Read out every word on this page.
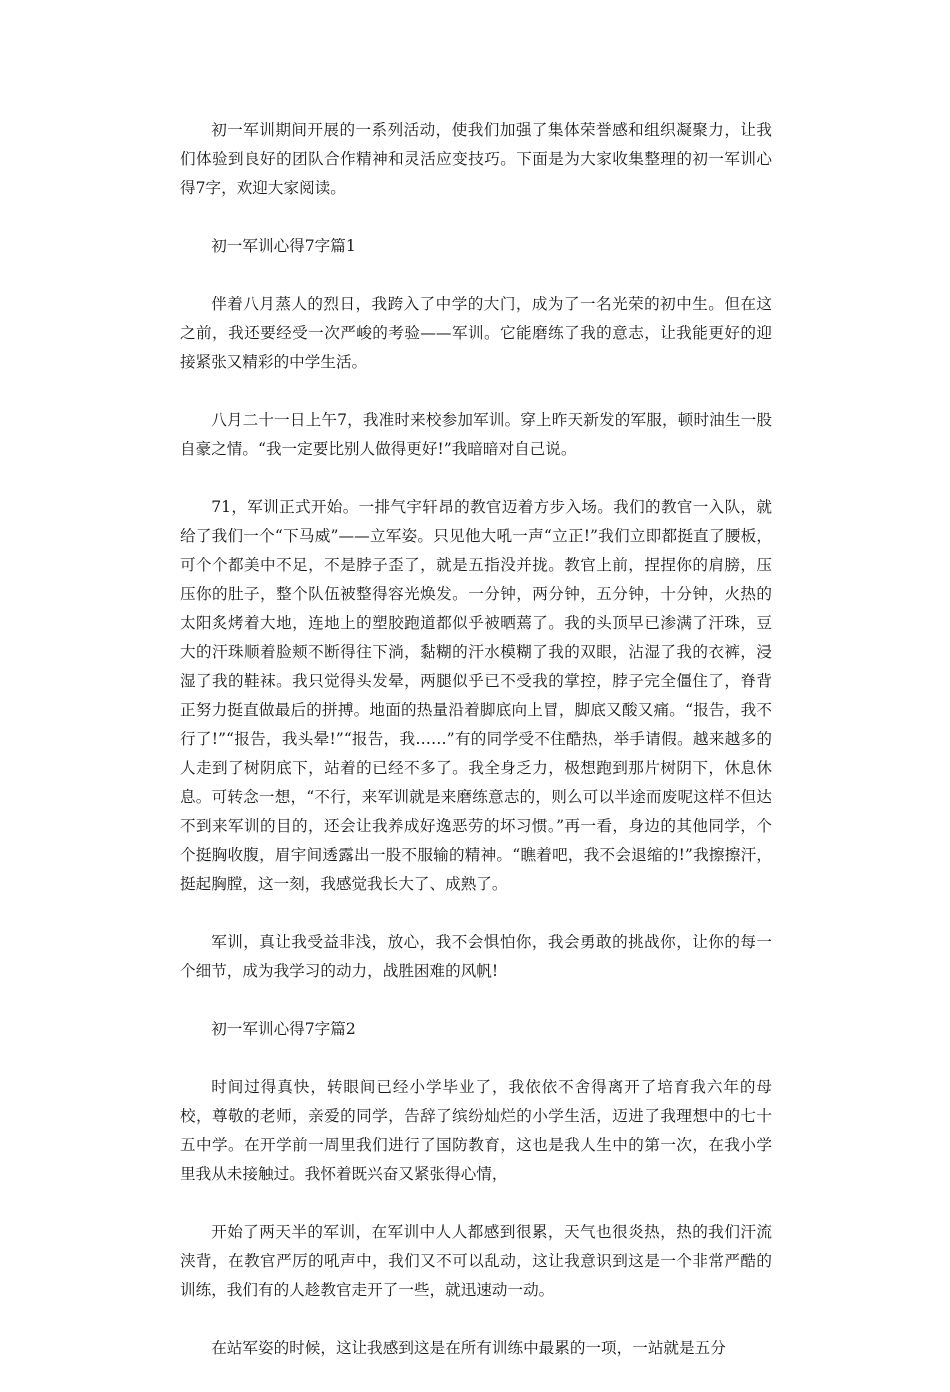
初一军训期间开展的一系列活动，使我们加强了集体荣誉感和组织凝聚力，让我们体验到良好的团队合作精神和灵活应变技巧。下面是为大家收集整理的初一军训心得7字，欢迎大家阅读。

初一军训心得7字篇1

伴着八月蒸人的烈日，我跨入了中学的大门，成为了一名光荣的初中生。但在这之前，我还要经受一次严峻的考验——军训。它能磨练了我的意志，让我能更好的迎接紧张又精彩的中学生活。

八月二十一日上午7，我准时来校参加军训。穿上昨天新发的军服，顿时油生一股自豪之情。“我一定要比别人做得更好!”我暗暗对自己说。

71，军训正式开始。一排气宇轩昂的教官迈着方步入场。我们的教官一入队，就给了我们一个“下马威”——立军姿。只见他大吼一声“立正!”我们立即都挺直了腰板，可个个都美中不足，不是脖子歪了，就是五指没并拢。教官上前，捏捏你的肩膀，压压你的肚子，整个队伍被整得容光焕发。一分钟，两分钟，五分钟，十分钟，火热的太阳炙烤着大地，连地上的塑胶跑道都似乎被晒蔫了。我的头顶早已渗满了汗珠，豆大的汗珠顺着脸颊不断得往下淌，黏糊的汗水模糊了我的双眼，沾湿了我的衣裤，浸湿了我的鞋袜。我只觉得头发晕，两腿似乎已不受我的掌控，脖子完全僵住了，脊背正努力挺直做最后的拼搏。地面的热量沿着脚底向上冒，脚底又酸又痛。“报告，我不行了!”“报告，我头晕!”“报告，我……”有的同学受不住酷热，举手请假。越来越多的人走到了树阴底下，站着的已经不多了。我全身乏力，极想跑到那片树阴下，休息休息。可转念一想，“不行，来军训就是来磨练意志的，则么可以半途而废呢这样不但达不到来军训的目的，还会让我养成好逸恶劳的坏习惯。”再一看，身边的其他同学，个个挺胸收腹，眉宇间透露出一股不服输的精神。“瞧着吧，我不会退缩的!”我擦擦汗，挺起胸膛，这一刻，我感觉我长大了、成熟了。

军训，真让我受益非浅，放心，我不会惧怕你，我会勇敢的挑战你，让你的每一个细节，成为我学习的动力，战胜困难的风帆!

初一军训心得7字篇2

时间过得真快，转眼间已经小学毕业了，我依依不舍得离开了培育我六年的母校，尊敬的老师，亲爱的同学，告辞了缤纷灿烂的小学生活，迈进了我理想中的七十五中学。在开学前一周里我们进行了国防教育，这也是我人生中的第一次，在我小学里我从未接触过。我怀着既兴奋又紧张得心情，

开始了两天半的军训，在军训中人人都感到很累，天气也很炎热，热的我们汗流浃背，在教官严厉的吼声中，我们又不可以乱动，这让我意识到这是一个非常严酷的训练，我们有的人趁教官走开了一些，就迅速动一动。

在站军姿的时候，这让我感到这是在所有训练中最累的一项，一站就是五分
